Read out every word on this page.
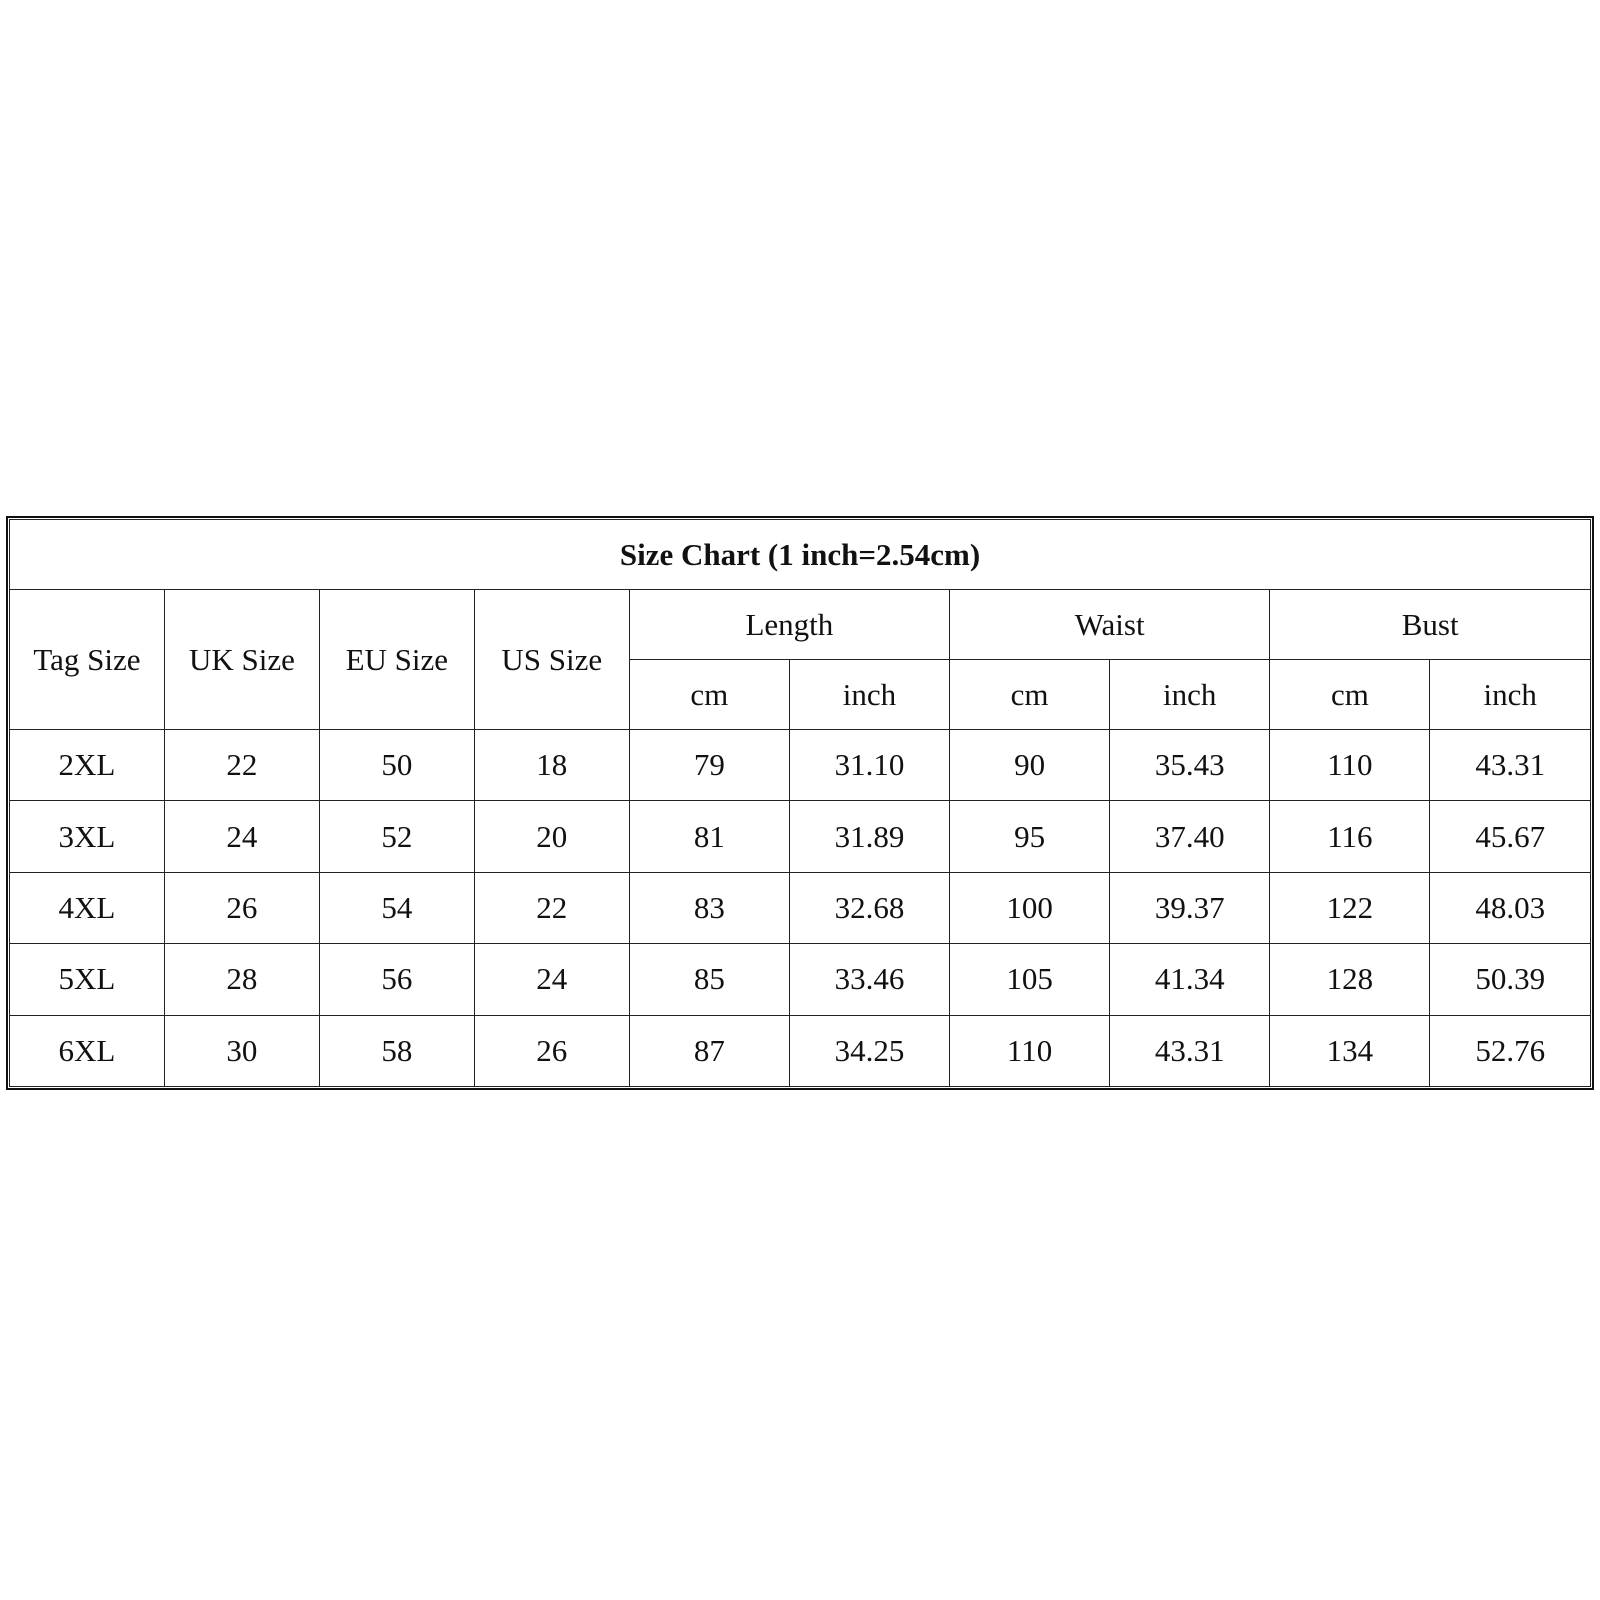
Size Chart (1 inch=2.54cm)									
Tag Size	UK Size	EU Size	US Size	Length		Waist		Bust	
				cm	inch	cm	inch	cm	inch
2XL	22	50	18	79	31.10	90	35.43	110	43.31
3XL	24	52	20	81	31.89	95	37.40	116	45.67
4XL	26	54	22	83	32.68	100	39.37	122	48.03
5XL	28	56	24	85	33.46	105	41.34	128	50.39
6XL	30	58	26	87	34.25	110	43.31	134	52.76
